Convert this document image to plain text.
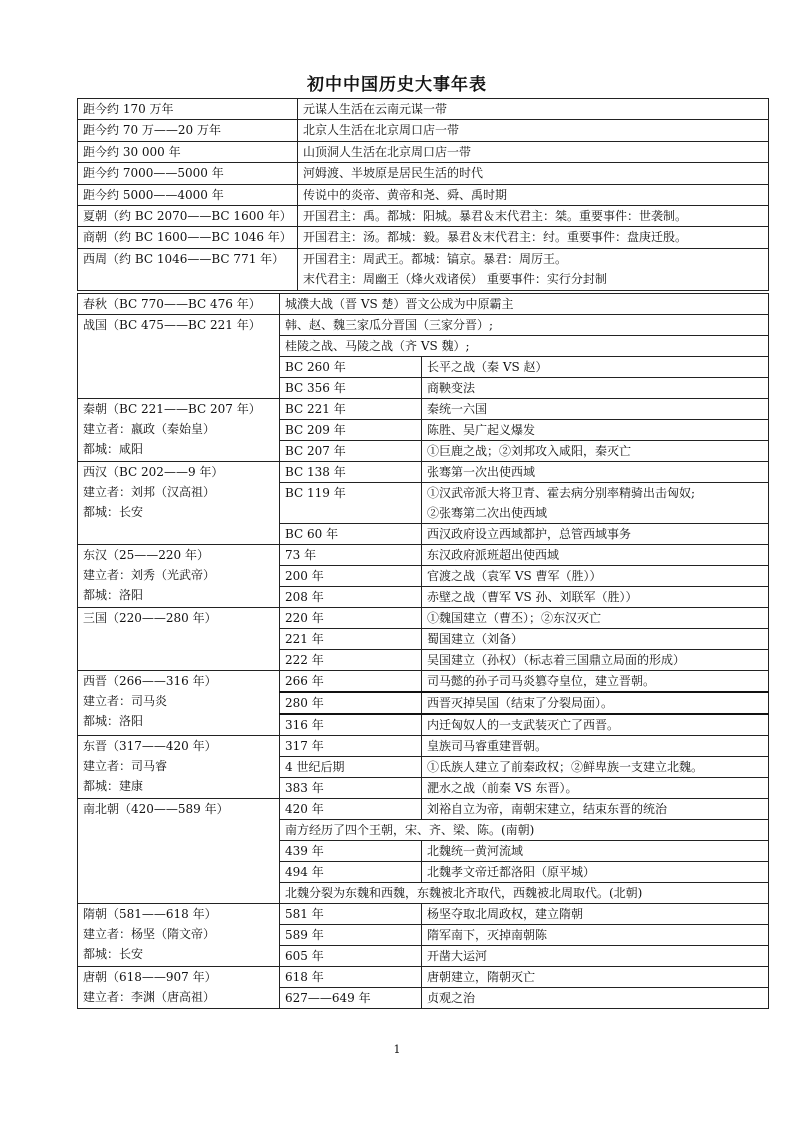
初中中国历史大事年表
距今约 170 万年	元谋人生活在云南元谋一带

距今约 70 万——20 万年	北京人生活在北京周口店一带

距今约 30 000 年	山顶洞人生活在北京周口店一带

距今约 7000——5000 年	河姆渡、半坡原是居民生活的时代

距今约 5000——4000 年	传说中的炎帝、黄帝和尧、舜、禹时期

夏朝（约 BC 2070——BC 1600 年）	开国君主：禹。都城：阳城。暴君＆末代君主：桀。重要事件：世袭制。

商朝（约 BC 1600——BC 1046 年）	开国君主：汤。都城：毅。暴君＆末代君主：纣。重要事件：盘庚迁殷。

西周（约 BC 1046——BC 771 年）	开国君主：周武王。都城：镐京。暴君：周厉王。
末代君主：周幽王（烽火戏诸侯） 重要事件：实行分封制
春秋（BC 770——BC 476 年）	城濮大战（晋 VS 楚）晋文公成为中原霸主	

战国（BC 475——BC 221 年）	韩、赵、魏三家瓜分晋国（三家分晋）;	

	桂陵之战、马陵之战（齐 VS 魏）;	

	BC 260 年	长平之战（秦 VS 赵）

	BC 356 年	商鞅变法

秦朝（BC 221——BC 207 年）
建立者：嬴政（秦始皇）
都城：咸阳	BC 221 年	秦统一六国

	BC 209 年	陈胜、吴广起义爆发

	BC 207 年	①巨鹿之战；②刘邦攻入咸阳，秦灭亡

西汉（BC 202——9 年）
建立者：刘邦（汉高祖）
都城：长安	BC 138 年	张骞第一次出使西域

	BC 119 年	①汉武帝派大将卫青、霍去病分别率精骑出击匈奴;
②张骞第二次出使西域

	BC 60 年	西汉政府设立西域都护，总管西域事务

东汉（25——220 年）
建立者：刘秀（光武帝）
都城：洛阳	73 年	东汉政府派班超出使西域

	200 年	官渡之战（袁军 VS 曹军（胜））

	208 年	赤壁之战（曹军 VS 孙、刘联军（胜））

三国（220——280 年）	220 年	①魏国建立（曹丕）；②东汉灭亡

	221 年	蜀国建立（刘备）

	222 年	吴国建立（孙权）（标志着三国鼎立局面的形成）

西晋（266——316 年）
建立者：司马炎
都城：洛阳	266 年	司马懿的孙子司马炎篡夺皇位，建立晋朝。

	280 年	西晋灭掉吴国（结束了分裂局面）。

	316 年	内迁匈奴人的一支武装灭亡了西晋。

东晋（317——420 年）
建立者：司马睿
都城：建康	317 年	皇族司马睿重建晋朝。

	4 世纪后期	①氐族人建立了前秦政权；②鲜卑族一支建立北魏。

	383 年	淝水之战（前秦 VS 东晋）。

南北朝（420——589 年）	420 年	刘裕自立为帝，南朝宋建立，结束东晋的统治

	南方经历了四个王朝，宋、齐、梁、陈。(南朝)	

	439 年	北魏统一黄河流域

	494 年	北魏孝文帝迁都洛阳（原平城）

	北魏分裂为东魏和西魏，东魏被北齐取代，西魏被北周取代。(北朝)	

隋朝（581——618 年）
建立者：杨坚（隋文帝）
都城：长安	581 年	杨坚夺取北周政权，建立隋朝

	589 年	隋军南下，灭掉南朝陈

	605 年	开凿大运河

唐朝（618——907 年）
建立者：李渊（唐高祖）	618 年	唐朝建立，隋朝灭亡

	627——649 年	贞观之治
1
